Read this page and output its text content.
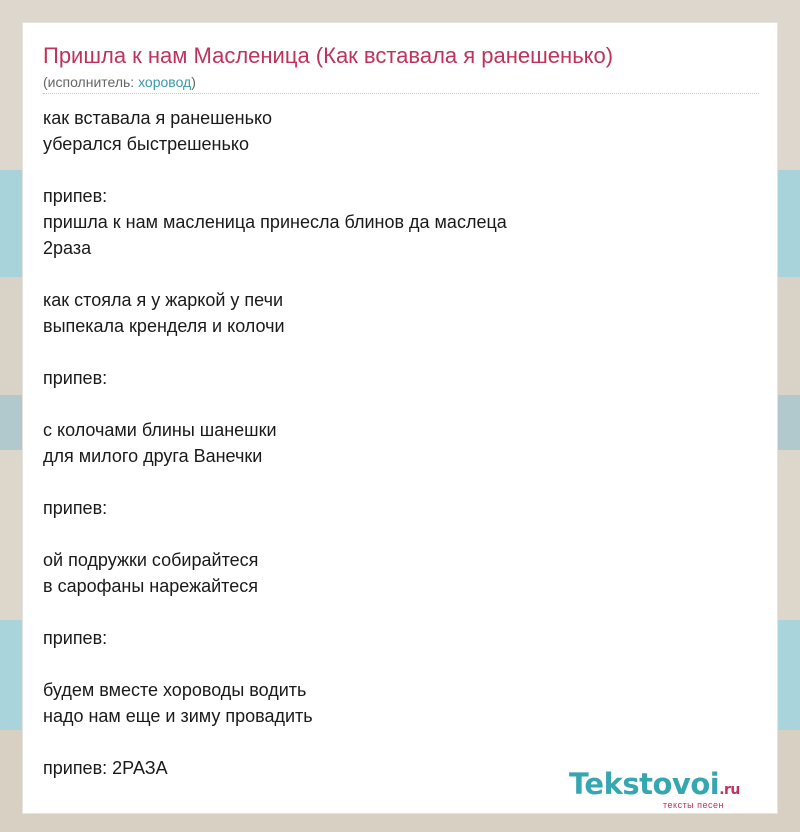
Пришла к нам Масленица (Как вставала я ранешенько)
(исполнитель: хоровод)
как вставала я ранешенько
уберался быстрешенько
припев:
пришла к нам масленица принесла блинов да маслеца
2раза
как стояла я у жаркой у печи
выпекала кренделя и колочи
припев:
с колочами блины шанешки
для милого друга Ванечки
припев:
ой подружки собирайтеся
в сарофаны нарежайтеся
припев:
будем вместе хороводы водить
надо нам еще и зиму провадить
припев: 2РАЗА	Tekstovoi.ru
тексты песен
